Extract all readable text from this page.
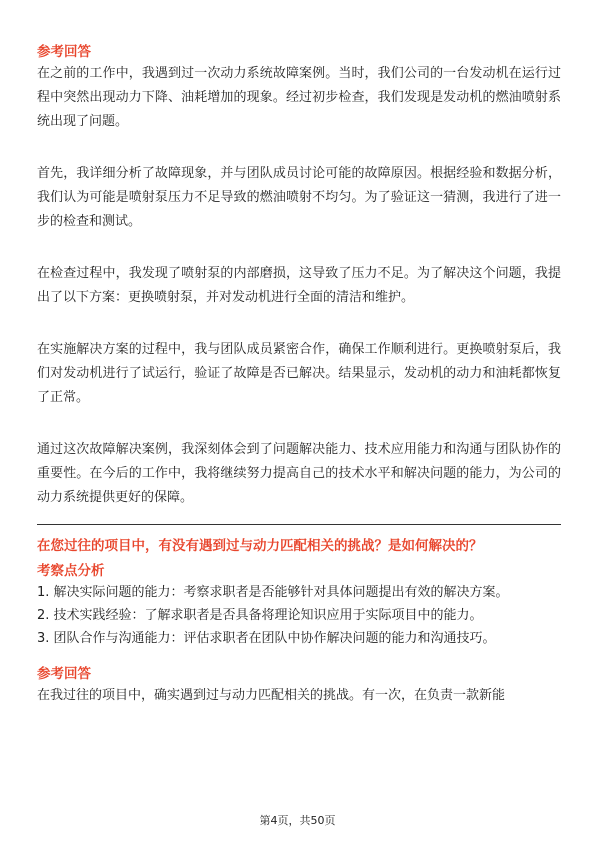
参考回答

在之前的工作中，我遇到过一次动力系统故障案例。当时，我们公司的一台发动机在运行过程中突然出现动力下降、油耗增加的现象。经过初步检查，我们发现是发动机的燃油喷射系统出现了问题。

首先，我详细分析了故障现象，并与团队成员讨论可能的故障原因。根据经验和数据分析，我们认为可能是喷射泵压力不足导致的燃油喷射不均匀。为了验证这一猜测，我进行了进一步的检查和测试。

在检查过程中，我发现了喷射泵的内部磨损，这导致了压力不足。为了解决这个问题，我提出了以下方案：更换喷射泵，并对发动机进行全面的清洁和维护。

在实施解决方案的过程中，我与团队成员紧密合作，确保工作顺利进行。更换喷射泵后，我们对发动机进行了试运行，验证了故障是否已解决。结果显示，发动机的动力和油耗都恢复了正常。

通过这次故障解决案例，我深刻体会到了问题解决能力、技术应用能力和沟通与团队协作的重要性。在今后的工作中，我将继续努力提高自己的技术水平和解决问题的能力，为公司的动力系统提供更好的保障。

在您过往的项目中，有没有遇到过与动力匹配相关的挑战？是如何解决的？

考察点分析

1. 解决实际问题的能力：考察求职者是否能够针对具体问题提出有效的解决方案。

2. 技术实践经验：了解求职者是否具备将理论知识应用于实际项目中的能力。

3. 团队合作与沟通能力：评估求职者在团队中协作解决问题的能力和沟通技巧。

参考回答

在我过往的项目中，确实遇到过与动力匹配相关的挑战。有一次，在负责一款新能

第4页，共50页
